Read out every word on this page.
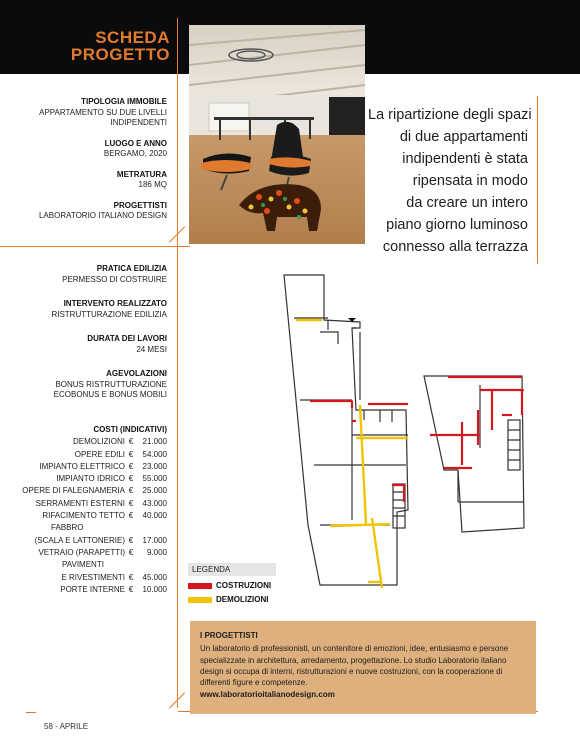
SCHEDA
PROGETTO
La ripartizione degli spazi
di due appartamenti
indipendenti è stata
ripensata in modo
da creare un intero
piano giorno luminoso
connesso alla terrazza
TIPOLOGIA IMMOBILE
APPARTAMENTO SU DUE LIVELLI
INDIPENDENTI
LUOGO E ANNO
BERGAMO, 2020
METRATURA
186 MQ
PROGETTISTI
LABORATORIO ITALIANO DESIGN
PRATICA EDILIZIA
PERMESSO DI COSTRUIRE
INTERVENTO REALIZZATO
RISTRUTTURAZIONE EDILIZIA
DURATA DEI LAVORI
24 MESI
AGEVOLAZIONI
BONUS RISTRUTTURAZIONE
ECOBONUS E BONUS MOBILI
COSTI (INDICATIVI)
DEMOLIZIONI €	21.000
OPERE EDILI €	54.000
IMPIANTO ELETTRICO €	23.000
IMPIANTO IDRICO €	55.000
OPERE DI FALEGNAMERIA €	25.000
SERRAMENTI ESTERNI €	43.000
RIFACIMENTO TETTO €	40.000
FABBRO
(SCALA E LATTONERIE) €	17.000
VETRAIO (PARAPETTI) €	9.000
PAVIMENTI
E RIVESTIMENTI €	45.000
PORTE INTERNE €	10.000
LEGENDA
COSTRUZIONI
DEMOLIZIONI
I PROGETTISTI
Un laboratorio di professionisti, un contenitore di emozioni, idee, entusiasmo e persone specializzate in architettura, arredamento, progettazione. Lo studio Laboratorio italiano design si occupa di interni, ristrutturazioni e nuove costruzioni, con la cooperazione di differenti figure e competenze.
www.laboratorioitalianodesign.com
58 - APRILE
